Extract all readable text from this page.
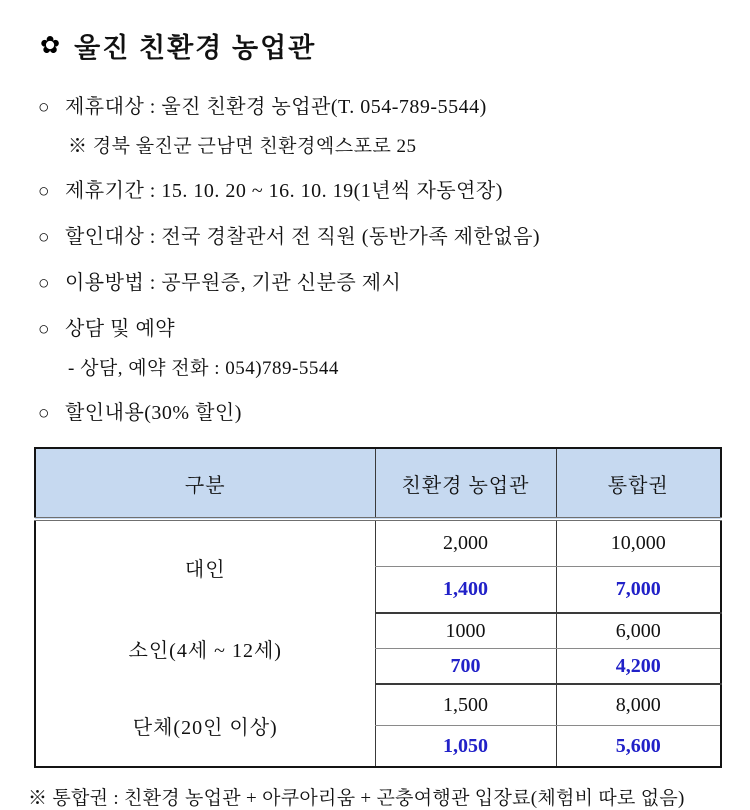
✿ 울진 친환경 농업관
○ 제휴대상 : 울진 친환경 농업관(T. 054-789-5544)
※ 경북 울진군 근남면 친환경엑스포로 25
○ 제휴기간 : 15. 10. 20 ~ 16. 10. 19(1년씩 자동연장)
○ 할인대상 : 전국 경찰관서 전 직원 (동반가족 제한없음)
○ 이용방법 : 공무원증, 기관 신분증 제시
○ 상담 및 예약
- 상담, 예약 전화 : 054)789-5544
○ 할인내용(30% 할인)
구분	친환경 농업관	통합권
대인	2,000	10,000
	1,400	7,000
소인(4세 ~ 12세)	1000	6,000
	700	4,200
단체(20인 이상)	1,500	8,000
	1,050	5,600
※ 통합권 : 친환경 농업관 + 아쿠아리움 + 곤충여행관 입장료(체험비 따로 없음)
